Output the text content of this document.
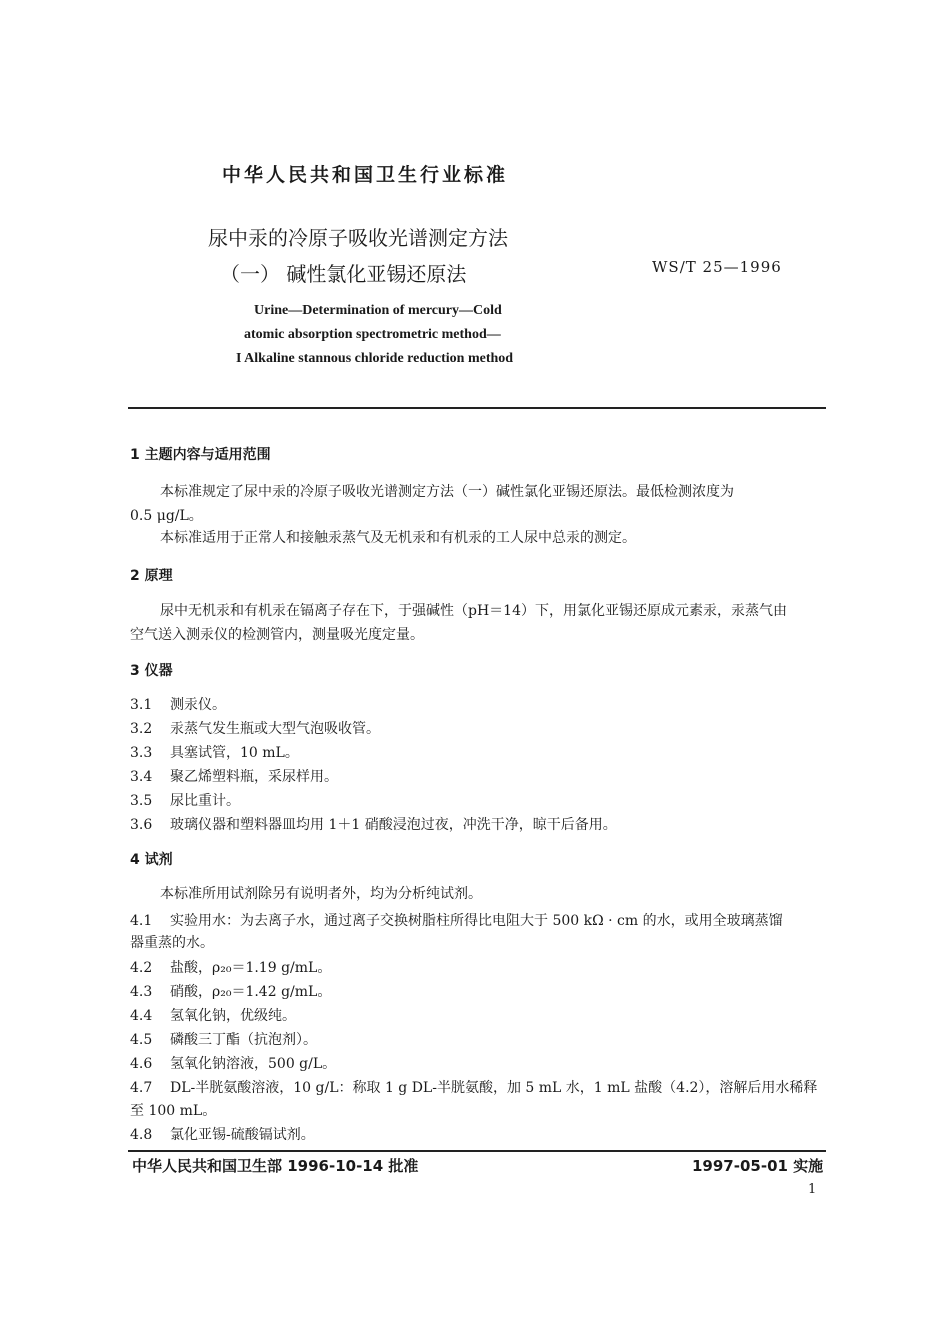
中华人民共和国卫生行业标准
尿中汞的冷原子吸收光谱测定方法
（一） 碱性氯化亚锡还原法	WS/T 25—1996
Urine—Determination of mercury—Cold
atomic absorption spectrometric method—
I Alkaline stannous chloride reduction method
1 主题内容与适用范围
本标准规定了尿中汞的冷原子吸收光谱测定方法（一）碱性氯化亚锡还原法。最低检测浓度为
0.5 μg/L。
本标准适用于正常人和接触汞蒸气及无机汞和有机汞的工人尿中总汞的测定。
2 原理
尿中无机汞和有机汞在镉离子存在下，于强碱性（pH＝14）下，用氯化亚锡还原成元素汞，汞蒸气由
空气送入测汞仪的检测管内，测量吸光度定量。
3 仪器
3.1 测汞仪。
3.2 汞蒸气发生瓶或大型气泡吸收管。
3.3 具塞试管，10 mL。
3.4 聚乙烯塑料瓶，采尿样用。
3.5 尿比重计。
3.6 玻璃仪器和塑料器皿均用 1＋1 硝酸浸泡过夜，冲洗干净，晾干后备用。
4 试剂
本标准所用试剂除另有说明者外，均为分析纯试剂。
4.1 实验用水：为去离子水，通过离子交换树脂柱所得比电阻大于 500 kΩ · cm 的水，或用全玻璃蒸馏
器重蒸的水。
4.2 盐酸，ρ₂₀＝1.19 g/mL。
4.3 硝酸，ρ₂₀＝1.42 g/mL。
4.4 氢氧化钠，优级纯。
4.5 磷酸三丁酯（抗泡剂）。
4.6 氢氧化钠溶液，500 g/L。
4.7 DL-半胱氨酸溶液，10 g/L：称取 1 g DL-半胱氨酸，加 5 mL 水，1 mL 盐酸（4.2），溶解后用水稀释
至 100 mL。
4.8 氯化亚锡-硫酸镉试剂。
中华人民共和国卫生部 1996-10-14 批准	1997-05-01 实施
1
